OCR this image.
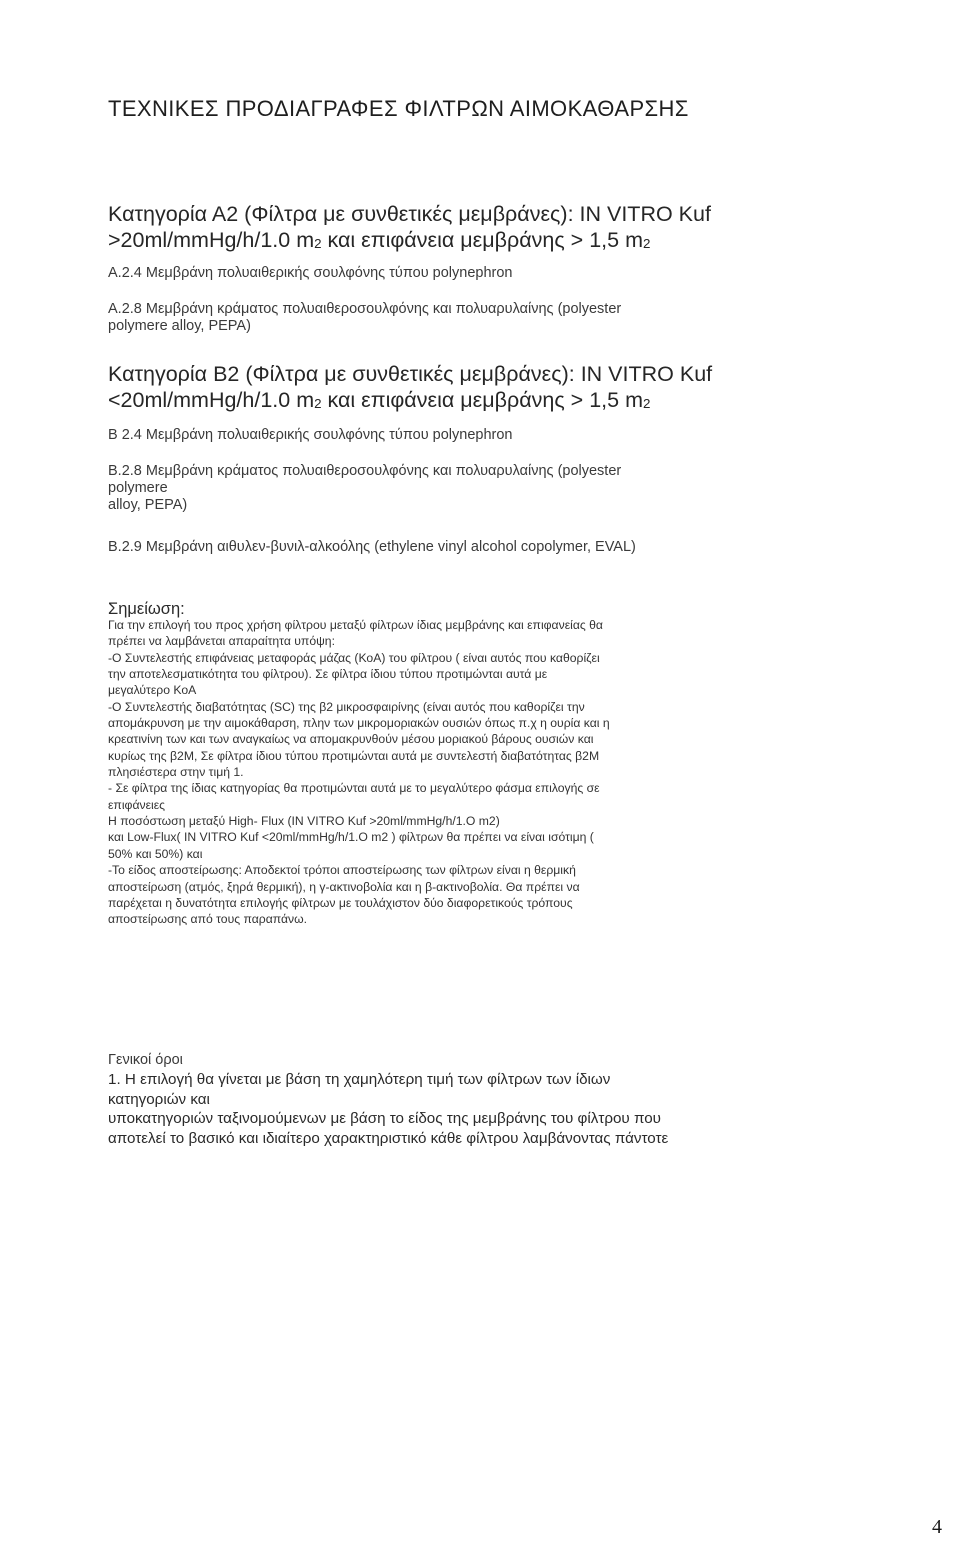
ΤΕΧΝΙΚΕΣ ΠΡΟΔΙΑΓΡΑΦΕΣ ΦΙΛΤΡΩΝ ΑΙΜΟΚΑΘΑΡΣΗΣ
Κατηγορία Α2 (Φίλτρα με συνθετικές μεμβράνες): IN VITRO Kuf
>20ml/mmHg/h/1.0 $m_2$ και επιφάνεια μεμβράνης > 1,5 $m_2$

Α.2.4 Μεμβράνη πολυαιθερικής σουλφόνης τύπου polynephron

Α.2.8 Μεμβράνη κράματος πολυαιθεροσουλφόνης και πολυαρυλαίνης (polyester
polymere alloy, PEPA)
Κατηγορία Β2 (Φίλτρα με συνθετικές μεμβράνες): IN VITRO Kuf
<20ml/mmHg/h/1.0 $m_2$ και επιφάνεια μεμβράνης > 1,5 $m_2$

Β 2.4 Μεμβράνη πολυαιθερικής σουλφόνης τύπου polynephron

Β.2.8 Μεμβράνη κράματος πολυαιθεροσουλφόνης και πολυαρυλαίνης (polyester
polymere
alloy, PEPA)

Β.2.9 Μεμβράνη αιθυλεν-βυνιλ-αλκοόλης (ethylene vinyl alcohol copolymer, EVAL)

Σημείωση:

Για την επιλογή του προς χρήση φίλτρου μεταξύ φίλτρων ίδιας μεμβράνης και επιφανείας θα
πρέπει να λαμβάνεται απαραίτητα υπόψη:
-Ο Συντελεστής επιφάνειας μεταφοράς μάζας (ΚοΑ) του φίλτρου ( είναι αυτός που καθορίζει
την αποτελεσματικότητα του φίλτρου). Σε φίλτρα ίδιου τύπου προτιμώνται αυτά με
μεγαλύτερο ΚοΑ
-Ο Συντελεστής διαβατότητας (SC) της β2 μικροσφαιρίνης (είναι αυτός που καθορίζει την
απομάκρυνση με την αιμοκάθαρση, πλην των μικρομοριακών ουσιών όπως π.χ η ουρία και η
κρεατινίνη των και των αναγκαίως να απομακρυνθούν μέσου μοριακού βάρους ουσιών και
κυρίως της β2Μ, Σε φίλτρα ίδιου τύπου προτιμώνται αυτά με συντελεστή διαβατότητας β2Μ
πλησιέστερα στην τιμή 1.
- Σε φίλτρα της ίδιας κατηγορίας θα προτιμώνται αυτά με το μεγαλύτερο φάσμα επιλογής σε
επιφάνειες
Η ποσόστωση μεταξύ High- Flux (IN VITRO Kuf >20ml/mmHg/h/1.O m2)
και Low-Flux( IN VITRO Kuf <20ml/mmHg/h/1.O m2 ) φίλτρων θα πρέπει να είναι ισότιμη (
50% και 50%) και
-Το είδος αποστείρωσης: Αποδεκτοί τρόποι αποστείρωσης των φίλτρων είναι η θερμική
αποστείρωση (ατμός, ξηρά θερμική), η γ-ακτινοβολία και η β-ακτινοβολία. Θα πρέπει να
παρέχεται η δυνατότητα επιλογής φίλτρων με τουλάχιστον δύο διαφορετικούς τρόπους
αποστείρωσης από τους παραπάνω.
Γενικοί όροι
1. Η επιλογή θα γίνεται με βάση τη χαμηλότερη τιμή των φίλτρων των ίδιων
κατηγοριών και
υποκατηγοριών ταξινομούμενων με βάση το είδος της μεμβράνης του φίλτρου που
αποτελεί το βασικό και ιδιαίτερο χαρακτηριστικό κάθε φίλτρου λαμβάνοντας πάντοτε
4
